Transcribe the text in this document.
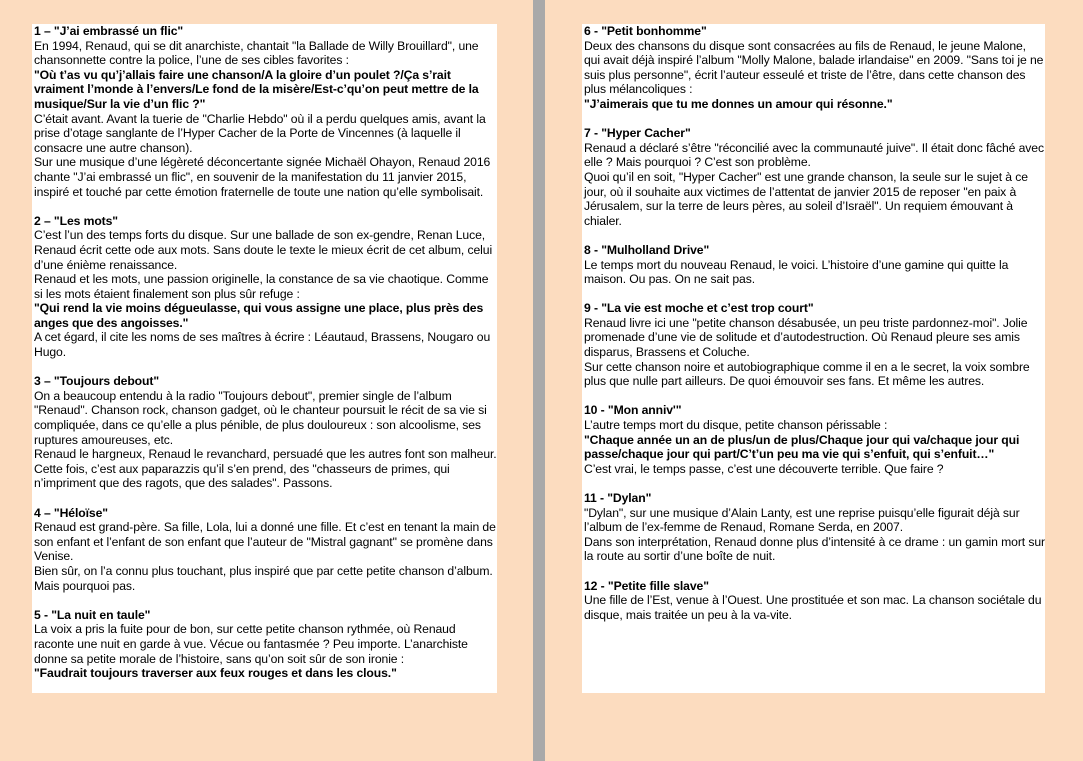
1 – "J’ai embrassé un flic"

En 1994, Renaud, qui se dit anarchiste, chantait "la Ballade de Willy Brouillard", une chansonnette contre la police, l’une de ses cibles favorites :

"Où t’as vu qu’j’allais faire une chanson/A la gloire d’un poulet ?/Ça s’rait vraiment l’monde à l’envers/Le fond de la misère/Est-c’qu’on peut mettre de la musique/Sur la vie d’un flic ?"

C’était avant. Avant la tuerie de "Charlie Hebdo" où il a perdu quelques amis, avant la prise d’otage sanglante de l’Hyper Cacher de la Porte de Vincennes (à laquelle il consacre une autre chanson).

Sur une musique d’une légèreté déconcertante signée Michaël Ohayon, Renaud 2016 chante "J’ai embrassé un flic", en souvenir de la manifestation du 11 janvier 2015, inspiré et touché par cette émotion fraternelle de toute une nation qu’elle symbolisait.

2 – "Les mots"

C’est l’un des temps forts du disque. Sur une ballade de son ex-gendre, Renan Luce, Renaud écrit cette ode aux mots. Sans doute le texte le mieux écrit de cet album, celui d’une énième renaissance.

Renaud et les mots, une passion originelle, la constance de sa vie chaotique. Comme si les mots étaient finalement son plus sûr refuge :

"Qui rend la vie moins dégueulasse, qui vous assigne une place, plus près des anges que des angoisses."

A cet égard, il cite les noms de ses maîtres à écrire : Léautaud, Brassens, Nougaro ou Hugo.

3 – "Toujours debout"

On a beaucoup entendu à la radio "Toujours debout", premier single de l’album "Renaud". Chanson rock, chanson gadget, où le chanteur poursuit le récit de sa vie si compliquée, dans ce qu’elle a plus pénible, de plus douloureux : son alcoolisme, ses ruptures amoureuses, etc.

Renaud le hargneux, Renaud le revanchard, persuadé que les autres font son malheur. Cette fois, c’est aux paparazzis qu’il s’en prend, des "chasseurs de primes, qui n’impriment que des ragots, que des salades". Passons.

4 – "Héloïse"

Renaud est grand-père. Sa fille, Lola, lui a donné une fille. Et c’est en tenant la main de son enfant et l’enfant de son enfant que l’auteur de "Mistral gagnant" se promène dans Venise.

Bien sûr, on l’a connu plus touchant, plus inspiré que par cette petite chanson d’album. Mais pourquoi pas.

5 - "La nuit en taule"

La voix a pris la fuite pour de bon, sur cette petite chanson rythmée, où Renaud raconte une nuit en garde à vue. Vécue ou fantasmée ? Peu importe. L’anarchiste donne sa petite morale de l’histoire, sans qu’on soit sûr de son ironie :

"Faudrait toujours traverser aux feux rouges et dans les clous."

6 - "Petit bonhomme"

Deux des chansons du disque sont consacrées au fils de Renaud, le jeune Malone, qui avait déjà inspiré l’album "Molly Malone, balade irlandaise" en 2009. "Sans toi je ne suis plus personne", écrit l’auteur esseulé et triste de l’être, dans cette chanson des plus mélancoliques :

"J’aimerais que tu me donnes un amour qui résonne."

7 - "Hyper Cacher"

Renaud a déclaré s’être "réconcilié avec la communauté juive". Il était donc fâché avec elle ? Mais pourquoi ? C’est son problème.

Quoi qu’il en soit, "Hyper Cacher" est une grande chanson, la seule sur le sujet à ce jour, où il souhaite aux victimes de l’attentat de janvier 2015 de reposer "en paix à Jérusalem, sur la terre de leurs pères, au soleil d’Israël". Un requiem émouvant à chialer.

8 - "Mulholland Drive"

Le temps mort du nouveau Renaud, le voici. L’histoire d’une gamine qui quitte la maison. Ou pas. On ne sait pas.

9 - "La vie est moche et c’est trop court"

Renaud livre ici une "petite chanson désabusée, un peu triste pardonnez-moi". Jolie promenade d’une vie de solitude et d’autodestruction. Où Renaud pleure ses amis disparus, Brassens et Coluche.

Sur cette chanson noire et autobiographique comme il en a le secret, la voix sombre plus que nulle part ailleurs. De quoi émouvoir ses fans. Et même les autres.

10 - "Mon anniv'"

L’autre temps mort du disque, petite chanson périssable :

"Chaque année un an de plus/un de plus/Chaque jour qui va/chaque jour qui passe/chaque jour qui part/C’t’un peu ma vie qui s’enfuit, qui s’enfuit…"

C’est vrai, le temps passe, c’est une découverte terrible. Que faire ?

11 - "Dylan"

"Dylan", sur une musique d’Alain Lanty, est une reprise puisqu’elle figurait déjà sur l’album de l’ex-femme de Renaud, Romane Serda, en 2007.

Dans son interprétation, Renaud donne plus d’intensité à ce drame : un gamin mort sur la route au sortir d’une boîte de nuit.

12 - "Petite fille slave"

Une fille de l’Est, venue à l’Ouest. Une prostituée et son mac. La chanson sociétale du disque, mais traitée un peu à la va-vite.
